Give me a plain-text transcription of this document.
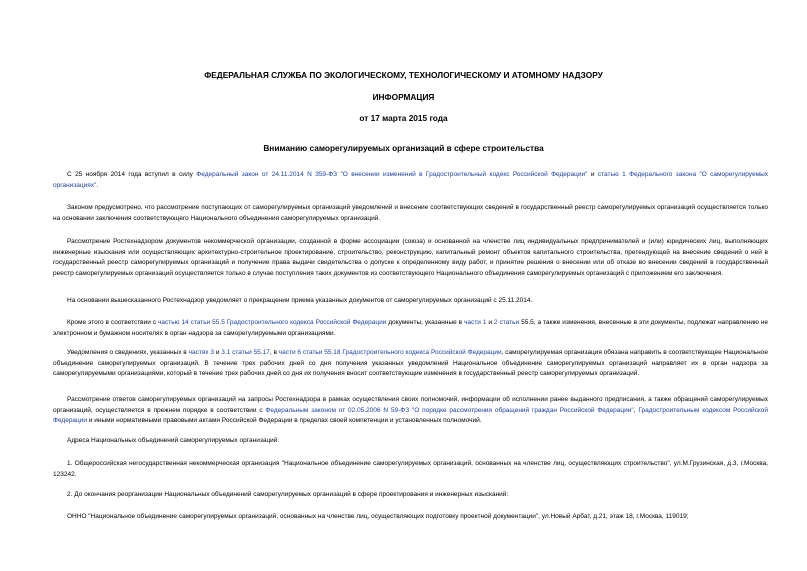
ФЕДЕРАЛЬНАЯ СЛУЖБА ПО ЭКОЛОГИЧЕСКОМУ, ТЕХНОЛОГИЧЕСКОМУ И АТОМНОМУ НАДЗОРУ
ИНФОРМАЦИЯ
от 17 марта 2015 года
Вниманию саморегулируемых организаций в сфере строительства
С 25 ноября 2014 года вступил в силу Федеральный закон от 24.11.2014 N 359-ФЗ "О внесении изменений в Градостроительный кодекс Российской Федерации" и статью 1 Федерального закона "О саморегулируемых организациях".
Законом предусмотрено, что рассмотрение поступающих от саморегулируемых организаций уведомлений и внесение соответствующих сведений в государственный реестр саморегулируемых организаций осуществляется только на основании заключения соответствующего Национального объединения саморегулируемых организаций.
Рассмотрение Ростехнадзором документов некоммерческой организации, созданной в форме ассоциации (союза) и основанной на членстве лиц индивидуальных предпринимателей и (или) юридических лиц, выполняющих инженерные изыскания или осуществляющих архитектурно-строительное проектирование, строительство, реконструкцию, капитальный ремонт объектов капитального строительства, претендующей на внесение сведений о ней в государственный реестр саморегулируемых организаций и получение права выдачи свидетельства о допуске к определенному виду работ, и принятие решения о внесении или об отказе во внесении сведений в государственный реестр саморегулируемых организаций осуществляется только в случае поступления таких документов из соответствующего Национального объединения саморегулируемых организаций с приложением его заключения.
На основании вышесказанного Ростехнадзор уведомляет о прекращении приема указанных документов от саморегулируемых организаций с 25.11.2014.
Кроме этого в соответствии с частью 14 статьи 55.5 Градостроительного кодекса Российской Федерации документы, указанные в части 1 и 2 статьи 55.5, а также изменения, внесенные в эти документы, подлежат направлению не электронном и бумажном носителях в орган надзора за саморегулируемыми организациями.
Уведомления о сведениях, указанных в частях 3 и 3.1 статьи 55.17, в части 6 статьи 55.18 Градостроительного кодекса Российской Федерации, саморегулируемая организация обязана направить в соответствующее Национальное объединение саморегулируемых организаций. В течение трех рабочих дней со дня получения указанных уведомлений Национальное объединение саморегулируемых организаций направляет их в орган надзора за саморегулируемыми организациями, который в течение трех рабочих дней со дня их получения вносит соответствующие изменения в государственный реестр саморегулируемых организаций.
Рассмотрение ответов саморегулируемых организаций на запросы Ростехнадзора в рамках осуществления своих полномочий, информации об исполнении ранее выданного предписания, а также обращений саморегулируемых организаций, осуществляется в прежнем порядке в соответствии с Федеральным законом от 02.05.2006 N 59-ФЗ "О порядке рассмотрения обращений граждан Российской Федерации", Градостроительным кодексом Российской Федерации и иными нормативными правовыми актами Российской Федерации в пределах своей компетенции и установленных полномочий.
Адреса Национальных объединений саморегулируемых организаций:
1. Общероссийская негосударственная некоммерческая организация "Национальное объединение саморегулируемых организаций, основанных на членстве лиц, осуществляющих строительство", ул.М.Грузинская, д.3, г.Москва, 123242.
2. До окончания реорганизации Национальных объединений саморегулируемых организаций в сфере проектирования и инженерных изысканий:
ОННО "Национальное объединение саморегулируемых организаций, основанных на членстве лиц, осуществляющих подготовку проектной документации", ул.Новый Арбат, д.21, этаж 18, г.Москва, 119019;
